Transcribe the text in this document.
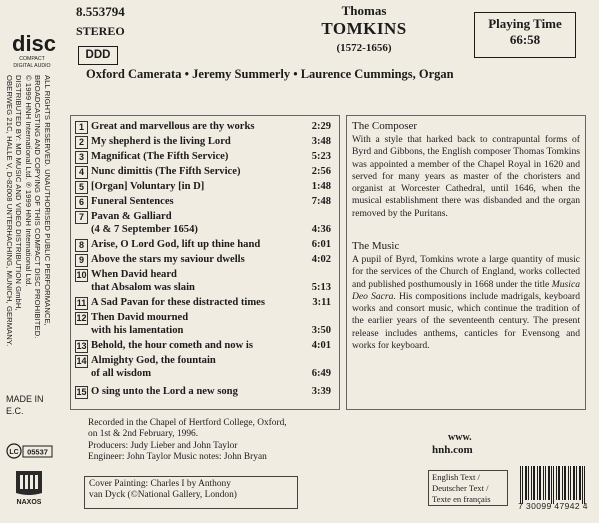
disc
COMPACT
DIGITAL AUDIO
ALL RIGHTS RESERVED. UNAUTHORISED PUBLIC PERFORMANCE,
BROADCASTING AND COPYING OF THIS COMPACT DISC PROHIBITED.
© 1999 HNH International Ltd. ℗ 1999 HNH International Ltd.
DISTRIBUTED BY: MD MUSIC AND VIDEO DISTRIBUTION GmbH,
OBERWEG 21C, HALLE V, D-82008 UNTERHACHING, MUNICH, GERMANY.
MADE IN E.C.
LC 05537
NAXOS
8.553794
STEREO
DDD
Thomas
TOMKINS
(1572-1656)
Playing Time
66:58
Oxford Camerata • Jeremy Summerly • Laurence Cummings, Organ
1 Great and marvellous are thy works	2:29
2 My shepherd is the living Lord	3:48
3 Magnificat (The Fifth Service)	5:23
4 Nunc dimittis (The Fifth Service)	2:56
5 [Organ] Voluntary [in D]	1:48
6 Funeral Sentences	7:48
7 Pavan & Galliard
(4 & 7 September 1654)	4:36
8 Arise, O Lord God, lift up thine hand	6:01
9 Above the stars my saviour dwells	4:02
10 When David heard
that Absalom was slain	5:13
11 A Sad Pavan for these distracted times	3:11
12 Then David mourned
with his lamentation	3:50
13 Behold, the hour cometh and now is	4:01
14 Almighty God, the fountain
of all wisdom	6:49
15 O sing unto the Lord a new song	3:39
The Composer
With a style that harked back to contrapuntal forms of Byrd and Gibbons, the English composer Thomas Tomkins was appointed a member of the Chapel Royal in 1620 and served for many years as master of the choristers and organist at Worcester Cathedral, until 1646, when the musical establishment there was disbanded and the organ removed by the Puritans.
The Music
A pupil of Byrd, Tomkins wrote a large quantity of music for the services of the Church of England, works collected and published posthumously in 1668 under the title Musica Deo Sacra. His compositions include madrigals, keyboard works and consort music, which continue the tradition of the earlier years of the seventeenth century. The present release includes anthems, canticles for Evensong and works for keyboard.
Recorded in the Chapel of Hertford College, Oxford,
on 1st & 2nd February, 1996.
Producers: Judy Lieber and John Taylor
Engineer: John Taylor Music notes: John Bryan
Cover Painting: Charles I by Anthony
van Dyck (©National Gallery, London)
www.
hnh.com
English Text /
Deutscher Text /
Texte en français
7 30099 47942 4
